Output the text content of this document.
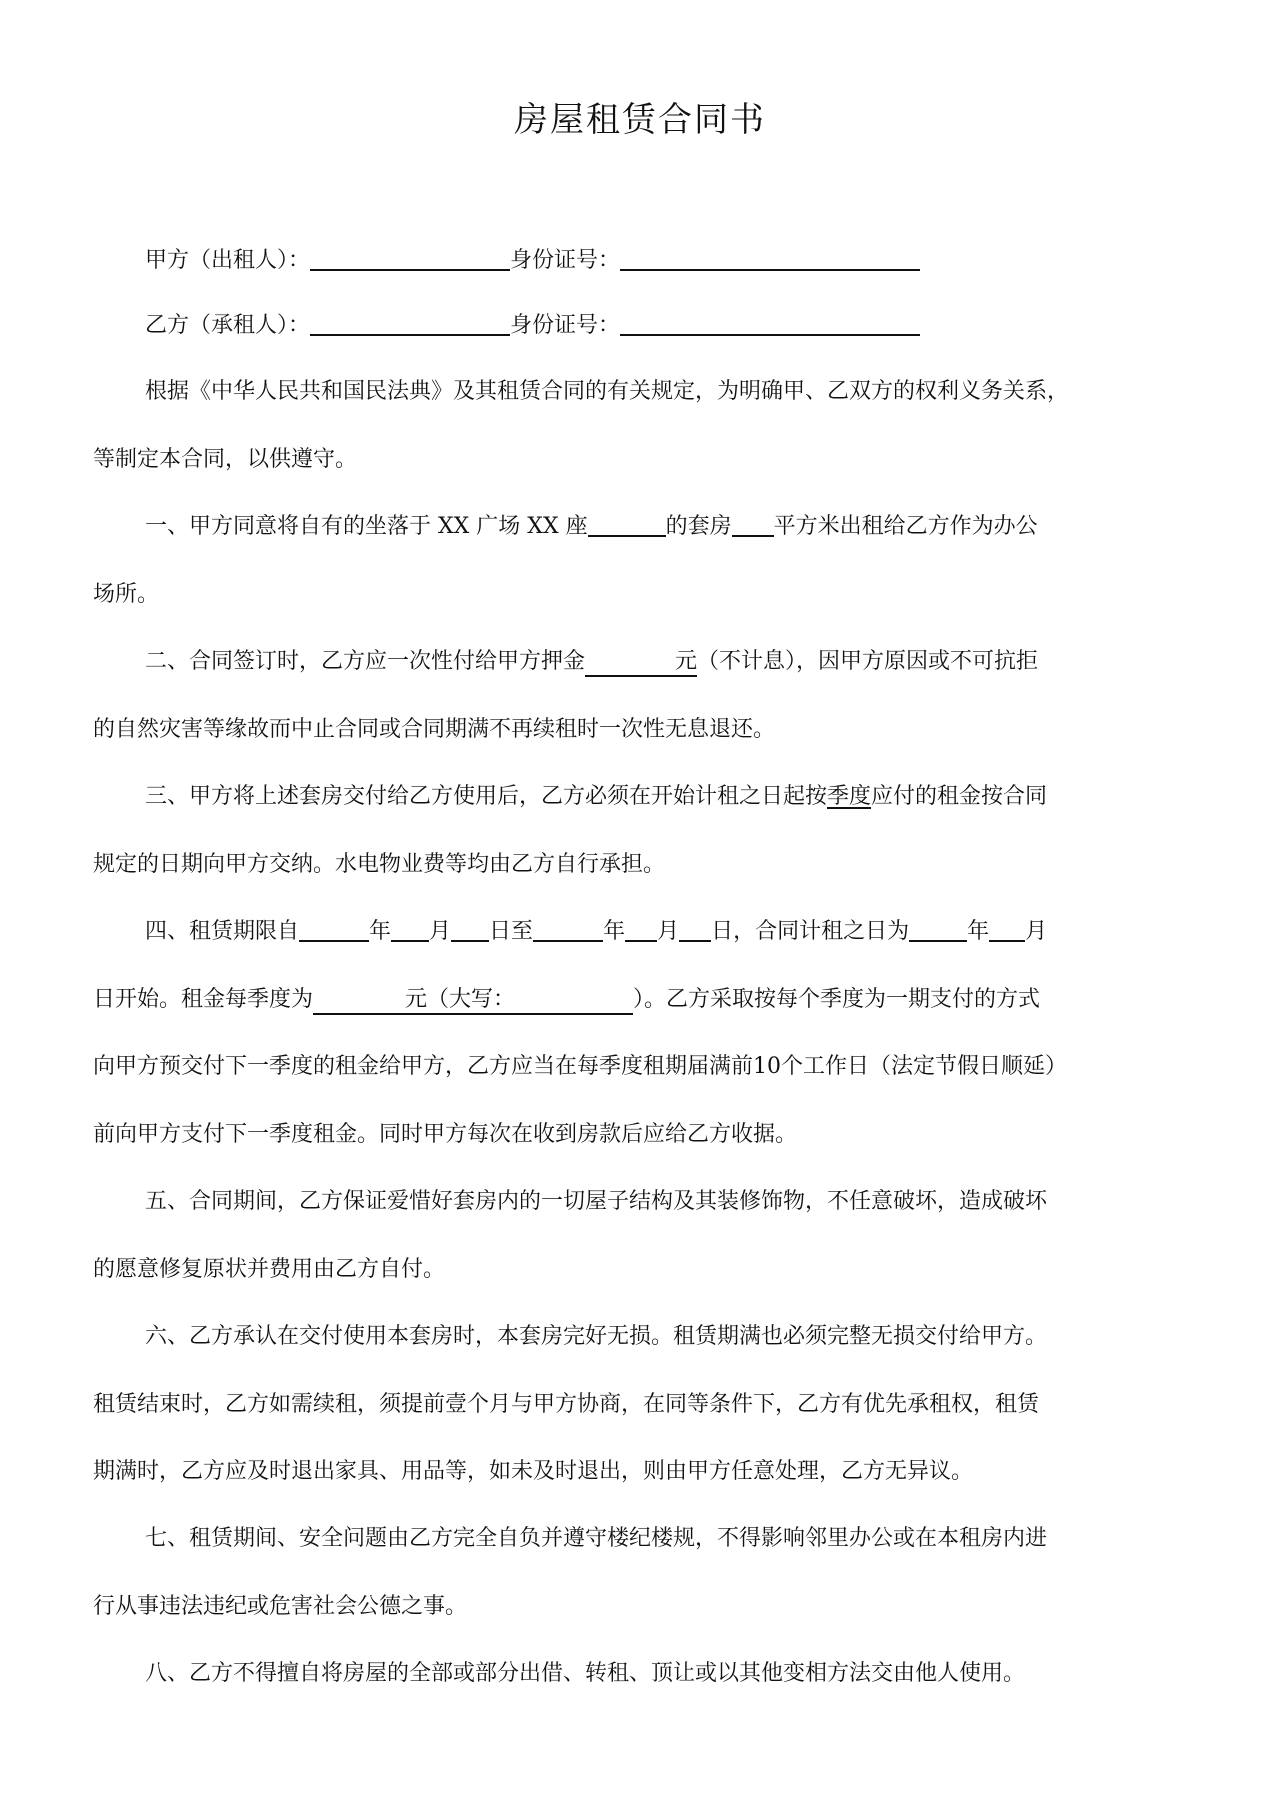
房屋租赁合同书
甲方（出租人）：	身份证号：
乙方（承租人）：	身份证号：
根据《中华人民共和国民法典》及其租赁合同的有关规定，为明确甲、乙双方的权利义务关系，
等制定本合同，以供遵守。
一、甲方同意将自有的坐落于 XX 广场 XX 座	的套房 平方米出租给乙方作为办公
场所。
二、合同签订时，乙方应一次性付给甲方押金	元（不计息），因甲方原因或不可抗拒
的自然灾害等缘故而中止合同或合同期满不再续租时一次性无息退还。
三、甲方将上述套房交付给乙方使用后，乙方必须在开始计租之日起按季度应付的租金按合同
规定的日期向甲方交纳。水电物业费等均由乙方自行承担。
四、租赁期限自	年 月 日至	年 月 日，合同计租之日为	年 月
日开始。租金每季度为	元（大写：	）。乙方采取按每个季度为一期支付的方式
向甲方预交付下一季度的租金给甲方，乙方应当在每季度租期届满前10个工作日（法定节假日顺延）
前向甲方支付下一季度租金。同时甲方每次在收到房款后应给乙方收据。
五、合同期间，乙方保证爱惜好套房内的一切屋子结构及其装修饰物，不任意破坏，造成破坏
的愿意修复原状并费用由乙方自付。
六、乙方承认在交付使用本套房时，本套房完好无损。租赁期满也必须完整无损交付给甲方。
租赁结束时，乙方如需续租，须提前壹个月与甲方协商，在同等条件下，乙方有优先承租权，租赁
期满时，乙方应及时退出家具、用品等，如未及时退出，则由甲方任意处理，乙方无异议。
七、租赁期间、安全问题由乙方完全自负并遵守楼纪楼规，不得影响邻里办公或在本租房内进
行从事违法违纪或危害社会公德之事。
八、乙方不得擅自将房屋的全部或部分出借、转租、顶让或以其他变相方法交由他人使用。
